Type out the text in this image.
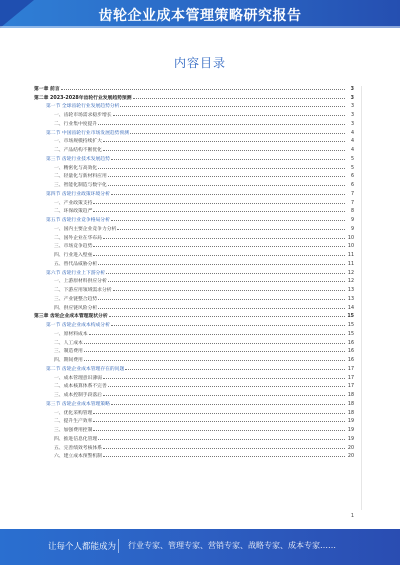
齿轮企业成本管理策略研究报告
内容目录
第一章 前言	3
第二章 2023-2028年齿轮行业发展趋势预测	3
第一节 全球齿轮行业发展趋势分析	3
一、齿轮市场需求稳步增长	3
二、行业集中度提升	3
第二节 中国齿轮行业市场发展趋势预测	4
一、市场规模持续扩大	4
二、产品结构不断优化	4
第三节 齿轮行业技术发展趋势	5
一、精密化与高效化	5
二、轻量化与新材料应用	6
三、智能化制造与数字化	6
第四节 齿轮行业政策环境分析	7
一、产业政策支持	7
二、环保政策趋严	8
第五节 齿轮行业竞争格局分析	9
一、国内主要企业竞争力分析	9
二、国外企业在华布局	10
三、市场竞争趋势	10
四、行业进入壁垒	11
五、替代品威胁分析	11
第六节 齿轮行业上下游分析	12
一、上游原材料供应分析	12
二、下游应用领域需求分析	13
三、产业链整合趋势	13
四、供应链风险分析	14
第三章 齿轮企业成本管理现状分析	15
第一节 齿轮企业成本构成分析	15
一、原材料成本	15
二、人工成本	16
三、制造费用	16
四、期间费用	16
第二节 齿轮企业成本管理存在的问题	17
一、成本管理意识薄弱	17
二、成本核算体系不完善	17
三、成本控制手段落后	18
第三节 齿轮企业成本管理策略	18
一、优化采购管理	18
二、提升生产效率	19
三、加强费用控制	19
四、推进信息化管理	19
五、完善绩效考核体系	20
六、建立成本预警机制	20
1
让每个人都能成为 行业专家、管理专家、营销专家、战略专家、成本专家……
